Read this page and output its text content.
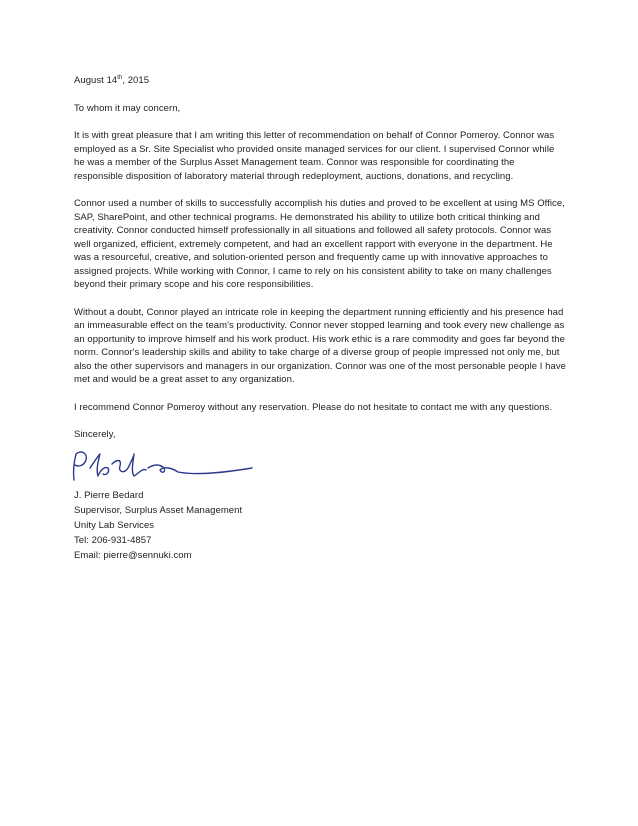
August 14th, 2015

To whom it may concern,

It is with great pleasure that I am writing this letter of recommendation on behalf of Connor Pomeroy. Connor was employed as a Sr. Site Specialist who provided onsite managed services for our client. I supervised Connor while he was a member of the Surplus Asset Management team. Connor was responsible for coordinating the responsible disposition of laboratory material through redeployment, auctions, donations, and recycling.

Connor used a number of skills to successfully accomplish his duties and proved to be excellent at using MS Office, SAP, SharePoint, and other technical programs. He demonstrated his ability to utilize both critical thinking and creativity. Connor conducted himself professionally in all situations and followed all safety protocols. Connor was well organized, efficient, extremely competent, and had an excellent rapport with everyone in the department. He was a resourceful, creative, and solution-oriented person and frequently came up with innovative approaches to assigned projects. While working with Connor, I came to rely on his consistent ability to take on many challenges beyond their primary scope and his core responsibilities.

Without a doubt, Connor played an intricate role in keeping the department running efficiently and his presence had an immeasurable effect on the team's productivity. Connor never stopped learning and took every new challenge as an opportunity to improve himself and his work product. His work ethic is a rare commodity and goes far beyond the norm. Connor's leadership skills and ability to take charge of a diverse group of people impressed not only me, but also the other supervisors and managers in our organization. Connor was one of the most personable people I have met and would be a great asset to any organization.

I recommend Connor Pomeroy without any reservation. Please do not hesitate to contact me with any questions.

Sincerely,

J. Pierre Bedard

Supervisor, Surplus Asset Management

Unity Lab Services

Tel: 206-931-4857

Email: pierre@sennuki.com
